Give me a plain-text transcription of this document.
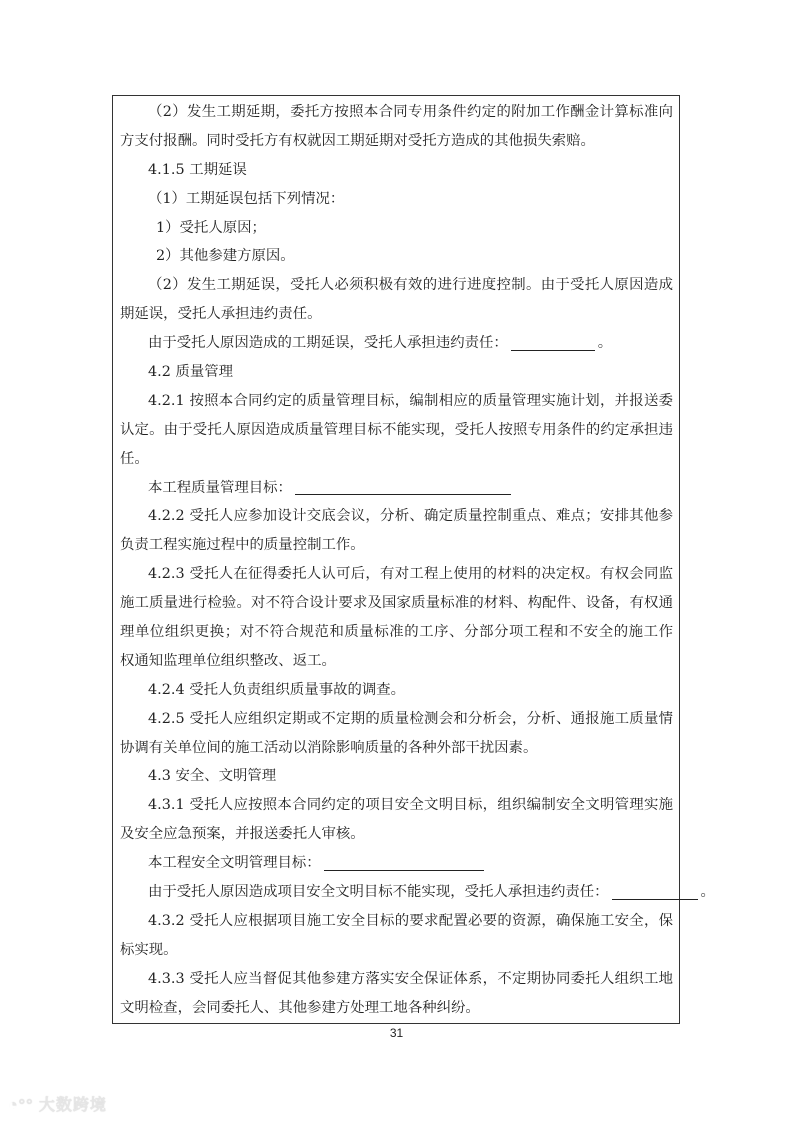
（2）发生工期延期，委托方按照本合同专用条件约定的附加工作酬金计算标准向
方支付报酬。同时受托方有权就因工期延期对受托方造成的其他损失索赔。
4.1.5 工期延误
（1）工期延误包括下列情况：
1）受托人原因；
2）其他参建方原因。
（2）发生工期延误，受托人必须积极有效的进行进度控制。由于受托人原因造成
期延误，受托人承担违约责任。
由于受托人原因造成的工期延误，受托人承担违约责任：	。
4.2 质量管理
4.2.1 按照本合同约定的质量管理目标，编制相应的质量管理实施计划，并报送委
认定。由于受托人原因造成质量管理目标不能实现，受托人按照专用条件的约定承担违
任。
本工程质量管理目标：
4.2.2 受托人应参加设计交底会议，分析、确定质量控制重点、难点；安排其他参
负责工程实施过程中的质量控制工作。
4.2.3 受托人在征得委托人认可后，有对工程上使用的材料的决定权。有权会同监
施工质量进行检验。对不符合设计要求及国家质量标准的材料、构配件、设备，有权通
理单位组织更换；对不符合规范和质量标准的工序、分部分项工程和不安全的施工作
权通知监理单位组织整改、返工。
4.2.4 受托人负责组织质量事故的调查。
4.2.5 受托人应组织定期或不定期的质量检测会和分析会，分析、通报施工质量情
协调有关单位间的施工活动以消除影响质量的各种外部干扰因素。
4.3 安全、文明管理
4.3.1 受托人应按照本合同约定的项目安全文明目标，组织编制安全文明管理实施
及安全应急预案，并报送委托人审核。
本工程安全文明管理目标：
由于受托人原因造成项目安全文明目标不能实现，受托人承担违约责任：	。
4.3.2 受托人应根据项目施工安全目标的要求配置必要的资源，确保施工安全，保
标实现。
4.3.3 受托人应当督促其他参建方落实安全保证体系，不定期协同委托人组织工地
文明检查，会同委托人、其他参建方处理工地各种纠纷。
31
◔°° 大数跨境
